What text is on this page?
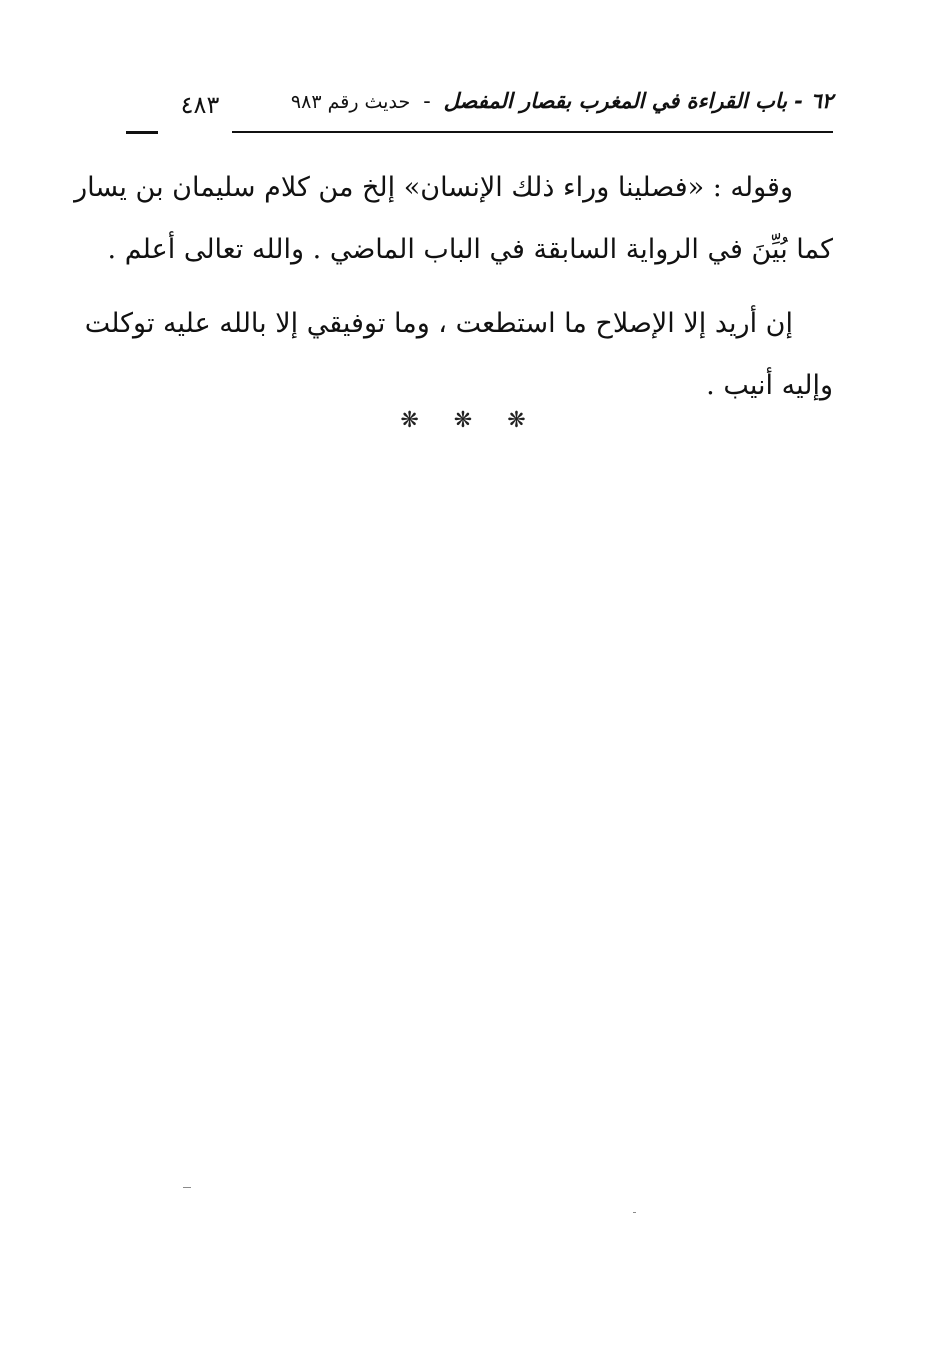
٦٢ - باب القراءة في المغرب بقصار المفصل - حديث رقم ٩٨٣
٤٨٣
وقوله : «فصلينا وراء ذلك الإنسان» إلخ من كلام سليمان بن يسار
كما بُيِّنَ في الرواية السابقة في الباب الماضي . والله تعالى أعلم .
إن أريد إلا الإصلاح ما استطعت ، وما توفيقي إلا بالله عليه توكلت
وإليه أنيب .
❋ ❋ ❋
